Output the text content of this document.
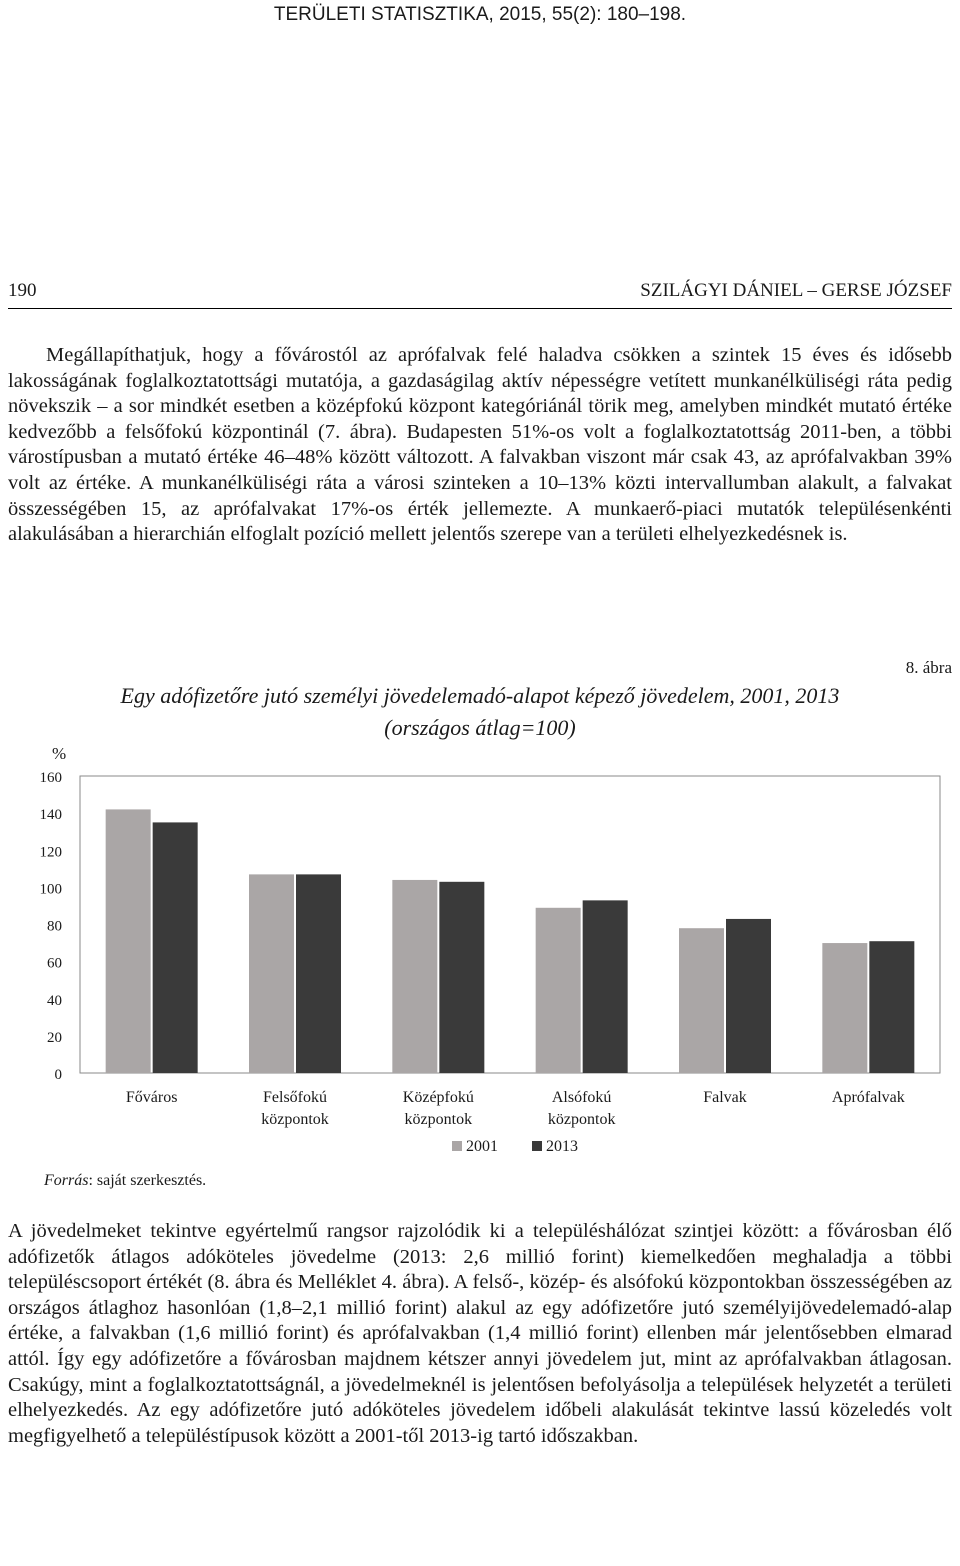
TERÜLETI STATISZTIKA, 2015, 55(2): 180–198.
190	SZILÁGYI DÁNIEL – GERSE JÓZSEF

Megállapíthatjuk, hogy a fővárostól az aprófalvak felé haladva csökken a szintek 15 éves és idősebb lakosságának foglalkoztatottsági mutatója, a gazdaságilag aktív népességre vetített munkanélküliségi ráta pedig növekszik – a sor mindkét esetben a középfokú központ kategóriánál törik meg, amelyben mindkét mutató értéke kedvezőbb a felsőfokú központinál (7. ábra). Budapesten 51%-os volt a foglalkoztatottság 2011-ben, a többi várostípusban a mutató értéke 46–48% között változott. A falvakban viszont már csak 43, az aprófalvakban 39% volt az értéke. A munkanélküliségi ráta a városi szinteken a 10–13% közti intervallumban alakult, a falvakat összességében 15, az aprófalvakat 17%-os érték jellemezte. A munkaerő-piaci mutatók településenkénti alakulásában a hierarchián elfoglalt pozíció mellett jelentős szerepe van a területi elhelyezkedésnek is.

8. ábra
Egy adófizetőre jutó személyi jövedelemadó-alapot képező jövedelem, 2001, 2013
(országos átlag=100)
%
0
20
40
60
80
100
120
140
160
Főváros	Felsőfokú
központok
Középfokú
központok
Alsófokú
központok
Falvak	Aprófalvak
2001	2013
Forrás: saját szerkesztés.

A jövedelmeket tekintve egyértelmű rangsor rajzolódik ki a településhálózat szintjei között: a fővárosban élő adófizetők átlagos adóköteles jövedelme (2013: 2,6 millió forint) kiemelkedően meghaladja a többi településcsoport értékét (8. ábra és Melléklet 4. ábra). A felső-, közép- és alsófokú központokban összességében az országos átlaghoz hasonlóan (1,8–2,1 millió forint) alakul az egy adófizetőre jutó személyijövedelemadó-alap értéke, a falvakban (1,6 millió forint) és aprófalvakban (1,4 millió forint) ellenben már jelentősebben elmarad attól. Így egy adófizetőre a fővárosban majdnem kétszer annyi jövedelem jut, mint az aprófalvakban átlagosan. Csakúgy, mint a foglalkoztatottságnál, a jövedelmeknél is jelentősen befolyásolja a települések helyzetét a területi elhelyezkedés. Az egy adófizetőre jutó adóköteles jövedelem időbeli alakulását tekintve lassú közeledés volt megfigyelhető a településtípusok között a 2001-től 2013-ig tartó időszakban.
